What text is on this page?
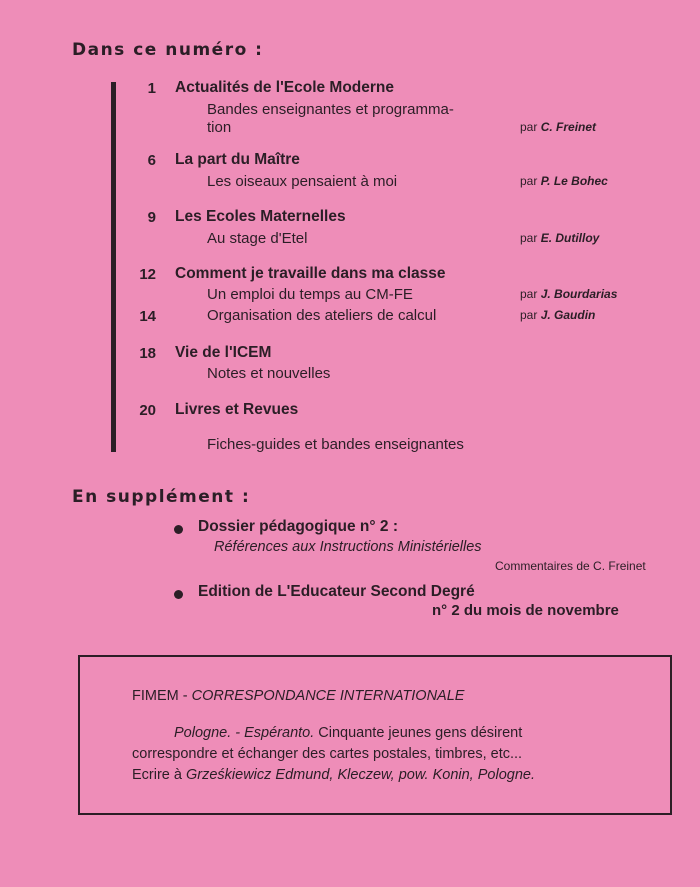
Dans ce numéro :
1 Actualités de l'Ecole Moderne
Bandes enseignantes et programma-
tion	par C. Freinet
6 La part du Maître
Les oiseaux pensaient à moi	par P. Le Bohec
9 Les Ecoles Maternelles
Au stage d'Etel	par E. Dutilloy
12 Comment je travaille dans ma classe
Un emploi du temps au CM-FE	par J. Bourdarias
14	Organisation des ateliers de calcul	par J. Gaudin
18 Vie de l'ICEM
Notes et nouvelles
20 Livres et Revues
Fiches-guides et bandes enseignantes
En supplément :
Dossier pédagogique n° 2 :
Références aux Instructions Ministérielles
Commentaires de C. Freinet
Edition de L'Educateur Second Degré
n° 2 du mois de novembre
FIMEM - CORRESPONDANCE INTERNATIONALE
Pologne. - Espéranto. Cinquante jeunes gens désirent
correspondre et échanger des cartes postales, timbres, etc...
Ecrire à Grześkiewicz Edmund, Kleczew, pow. Konin, Pologne.
